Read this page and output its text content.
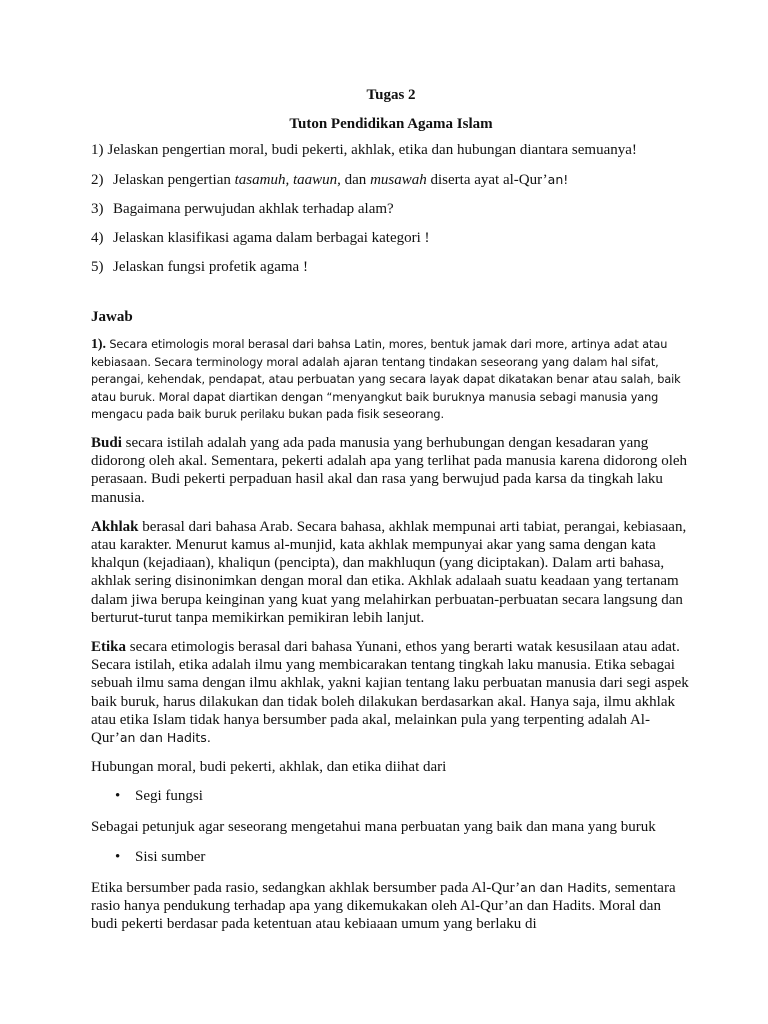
Tugas 2

Tuton Pendidikan Agama Islam

1) Jelaskan pengertian moral, budi pekerti, akhlak, etika dan hubungan diantara semuanya!

2) Jelaskan pengertian tasamuh, taawun, dan musawah diserta ayat al-Qur’an!

3) Bagaimana perwujudan akhlak terhadap alam?

4) Jelaskan klasifikasi agama dalam berbagai kategori !

5) Jelaskan fungsi profetik agama !

Jawab

1). Secara etimologis moral berasal dari bahsa Latin, mores, bentuk jamak dari more, artinya adat atau kebiasaan. Secara terminology moral adalah ajaran tentang tindakan seseorang yang dalam hal sifat, perangai, kehendak, pendapat, atau perbuatan yang secara layak dapat dikatakan benar atau salah, baik atau buruk. Moral dapat diartikan dengan “menyangkut baik buruknya manusia sebagi manusia yang mengacu pada baik buruk perilaku bukan pada fisik seseorang.

Budi secara istilah adalah yang ada pada manusia yang berhubungan dengan kesadaran yang didorong oleh akal. Sementara, pekerti adalah apa yang terlihat pada manusia karena didorong oleh perasaan. Budi pekerti perpaduan hasil akal dan rasa yang berwujud pada karsa da tingkah laku manusia.

Akhlak berasal dari bahasa Arab. Secara bahasa, akhlak mempunai arti tabiat, perangai, kebiasaan, atau karakter. Menurut kamus al-munjid, kata akhlak mempunyai akar yang sama dengan kata khalqun (kejadiaan), khaliqun (pencipta), dan makhluqun (yang diciptakan). Dalam arti bahasa, akhlak sering disinonimkan dengan moral dan etika. Akhlak adalaah suatu keadaan yang tertanam dalam jiwa berupa keinginan yang kuat yang melahirkan perbuatan-perbuatan secara langsung dan berturut-turut tanpa memikirkan pemikiran lebih lanjut.

Etika secara etimologis berasal dari bahasa Yunani, ethos yang berarti watak kesusilaan atau adat. Secara istilah, etika adalah ilmu yang membicarakan tentang tingkah laku manusia. Etika sebagai sebuah ilmu sama dengan ilmu akhlak, yakni kajian tentang laku perbuatan manusia dari segi aspek baik buruk, harus dilakukan dan tidak boleh dilakukan berdasarkan akal. Hanya saja, ilmu akhlak atau etika Islam tidak hanya bersumber pada akal, melainkan pula yang terpenting adalah Al-Qur’an dan Hadits.

Hubungan moral, budi pekerti, akhlak, dan etika diihat dari

• Segi fungsi

Sebagai petunjuk agar seseorang mengetahui mana perbuatan yang baik dan mana yang buruk

• Sisi sumber

Etika bersumber pada rasio, sedangkan akhlak bersumber pada Al-Qur’an dan Hadits, sementara rasio hanya pendukung terhadap apa yang dikemukakan oleh Al-Qur’an dan Hadits. Moral dan budi pekerti berdasar pada ketentuan atau kebiaaan umum yang berlaku di
